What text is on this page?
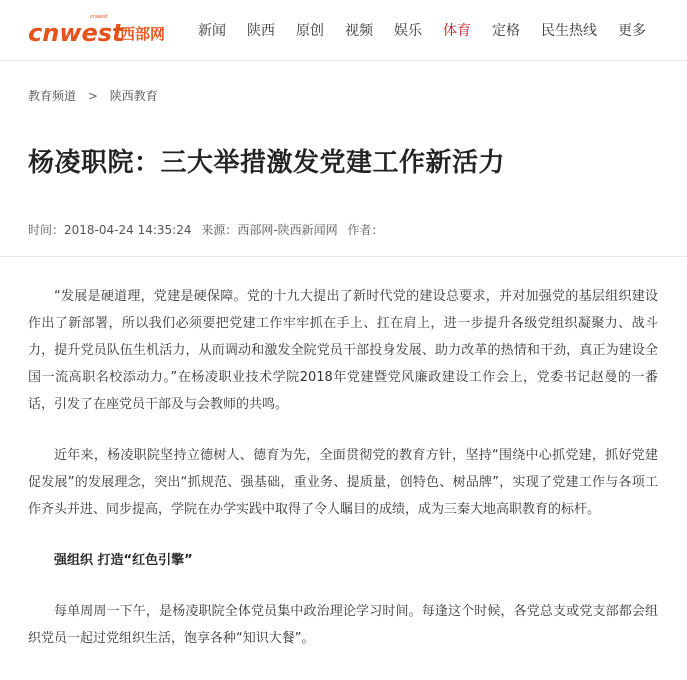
cnwest
cnwest
西部网 新闻 陕西 原创 视频 娱乐 体育 定格 民生热线 更多
教育频道 > 陕西教育
杨凌职院：三大举措激发党建工作新活力
时间：2018-04-24 14:35:24 来源：西部网-陕西新闻网 作者：

“发展是硬道理，党建是硬保障。党的十九大提出了新时代党的建设总要求，并对加强党的基层组织建设作出了新部署，所以我们必须要把党建工作牢牢抓在手上、扛在肩上，进一步提升各级党组织凝聚力、战斗力，提升党员队伍生机活力，从而调动和激发全院党员干部投身发展、助力改革的热情和干劲，真正为建设全国一流高职名校添动力。”在杨凌职业技术学院2018年党建暨党风廉政建设工作会上，党委书记赵曼的一番话，引发了在座党员干部及与会教师的共鸣。

近年来，杨凌职院坚持立德树人、德育为先，全面贯彻党的教育方针，坚持“围绕中心抓党建，抓好党建促发展”的发展理念，突出“抓规范、强基础，重业务、提质量，创特色、树品牌”，实现了党建工作与各项工作齐头并进、同步提高，学院在办学实践中取得了令人瞩目的成绩，成为三秦大地高职教育的标杆。

强组织 打造“红色引擎”

每单周周一下午，是杨凌职院全体党员集中政治理论学习时间。每逢这个时候，各党总支或党支部都会组织党员一起过党组织生活，饱享各种“知识大餐”。
